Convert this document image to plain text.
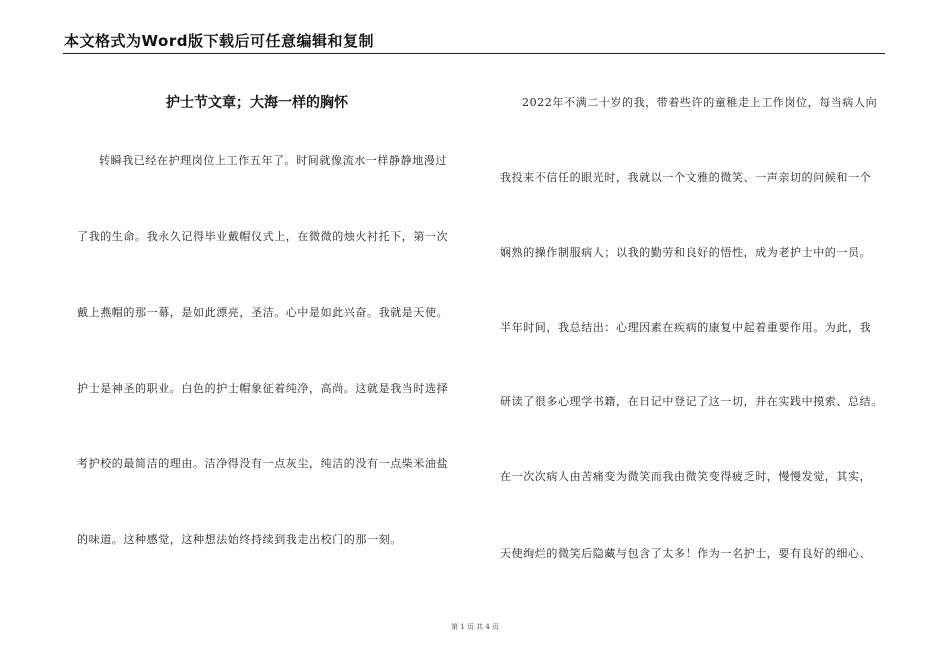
本文格式为Word版下载后可任意编辑和复制
护士节文章；大海一样的胸怀
转瞬我已经在护理岗位上工作五年了。时间就像流水一样静静地漫过
了我的生命。我永久记得毕业戴帽仪式上，在微微的烛火衬托下，第一次
戴上燕帽的那一幕，是如此漂亮，圣洁。心中是如此兴奋。我就是天使。
护士是神圣的职业。白色的护士帽象征着纯净，高尚。这就是我当时选择
考护校的最简洁的理由。洁净得没有一点灰尘，纯洁的没有一点柴米油盐
的味道。这种感觉，这种想法始终持续到我走出校门的那一刻。
2022年不满二十岁的我，带着些许的童稚走上工作岗位，每当病人向
我投来不信任的眼光时，我就以一个文雅的微笑、一声亲切的问候和一个
娴熟的操作制服病人；以我的勤劳和良好的悟性，成为老护士中的一员。
半年时间，我总结出：心理因素在疾病的康复中起着重要作用。为此，我
研读了很多心理学书籍，在日记中登记了这一切，并在实践中摸索、总结。
在一次次病人由苦痛变为微笑而我由微笑变得疲乏时，慢慢发觉，其实，
天使绚烂的微笑后隐藏与包含了太多！作为一名护士，要有良好的细心、
第 1 页 共 4 页
